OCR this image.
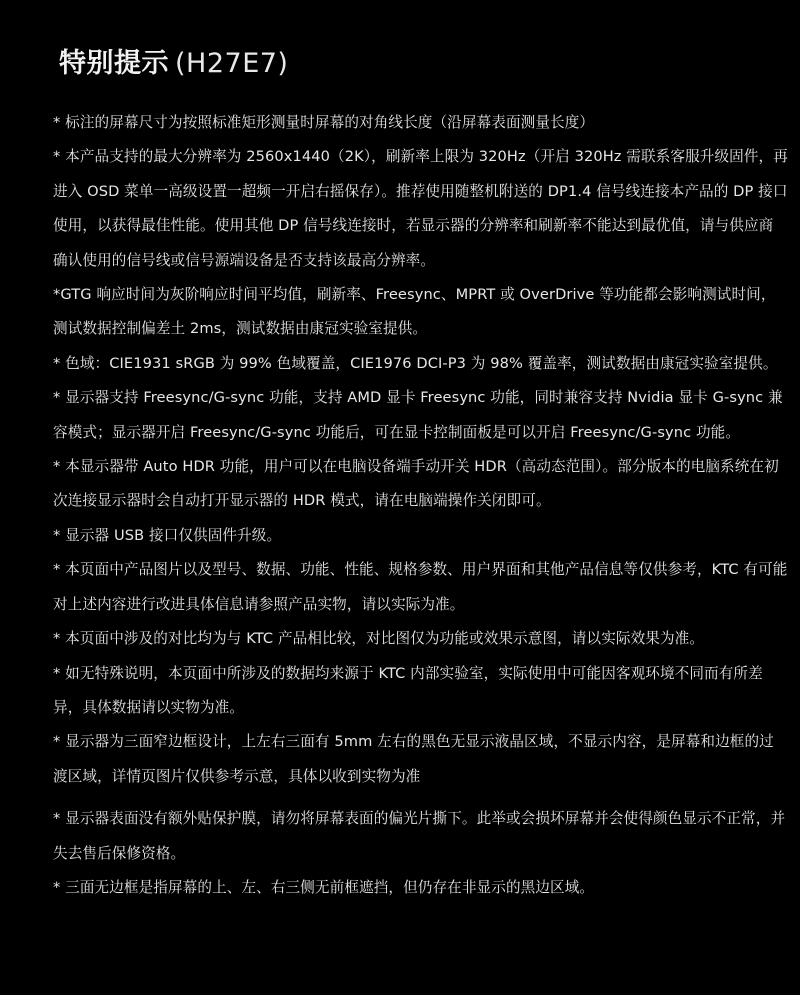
特别提示 (H27E7)
* 标注的屏幕尺寸为按照标准矩形测量时屏幕的对角线长度（沿屏幕表面测量长度）
* 本产品支持的最大分辨率为 2560x1440（2K），刷新率上限为 320Hz（开启 320Hz 需联系客服升级固件，再进入 OSD 菜单一高级设置一超频一开启右摇保存）。推荐使用随整机附送的 DP1.4 信号线连接本产品的 DP 接口使用，以获得最佳性能。使用其他 DP 信号线连接时，若显示器的分辨率和刷新率不能达到最优值，请与供应商确认使用的信号线或信号源端设备是否支持该最高分辨率。
*GTG 响应时间为灰阶响应时间平均值，刷新率、Freesync、MPRT 或 OverDrive 等功能都会影响测试时间，测试数据控制偏差土 2ms，测试数据由康冠实验室提供。
* 色域：CIE1931 sRGB 为 99% 色域覆盖，CIE1976 DCI-P3 为 98% 覆盖率，测试数据由康冠实验室提供。
* 显示器支持 Freesync/G-sync 功能，支持 AMD 显卡 Freesync 功能，同时兼容支持 Nvidia 显卡 G-sync 兼容模式；显示器开启 Freesync/G-sync 功能后，可在显卡控制面板是可以开启 Freesync/G-sync 功能。
* 本显示器带 Auto HDR 功能，用户可以在电脑设备端手动开关 HDR（高动态范围）。部分版本的电脑系统在初次连接显示器时会自动打开显示器的 HDR 模式，请在电脑端操作关闭即可。
* 显示器 USB 接口仅供固件升级。
* 本页面中产品图片以及型号、数据、功能、性能、规格参数、用户界面和其他产品信息等仅供参考，KTC 有可能对上述内容进行改进具体信息请参照产品实物，请以实际为准。
* 本页面中涉及的对比均为与 KTC 产品相比较，对比图仅为功能或效果示意图，请以实际效果为准。
* 如无特殊说明，本页面中所涉及的数据均来源于 KTC 内部实验室，实际使用中可能因客观环境不同而有所差异，具体数据请以实物为准。
* 显示器为三面窄边框设计，上左右三面有 5mm 左右的黑色无显示液晶区域，不显示内容，是屏幕和边框的过渡区域，详情页图片仅供参考示意，具体以收到实物为准
* 显示器表面没有额外贴保护膜，请勿将屏幕表面的偏光片撕下。此举或会损坏屏幕并会使得颜色显示不正常，并失去售后保修资格。
* 三面无边框是指屏幕的上、左、右三侧无前框遮挡，但仍存在非显示的黑边区域。
